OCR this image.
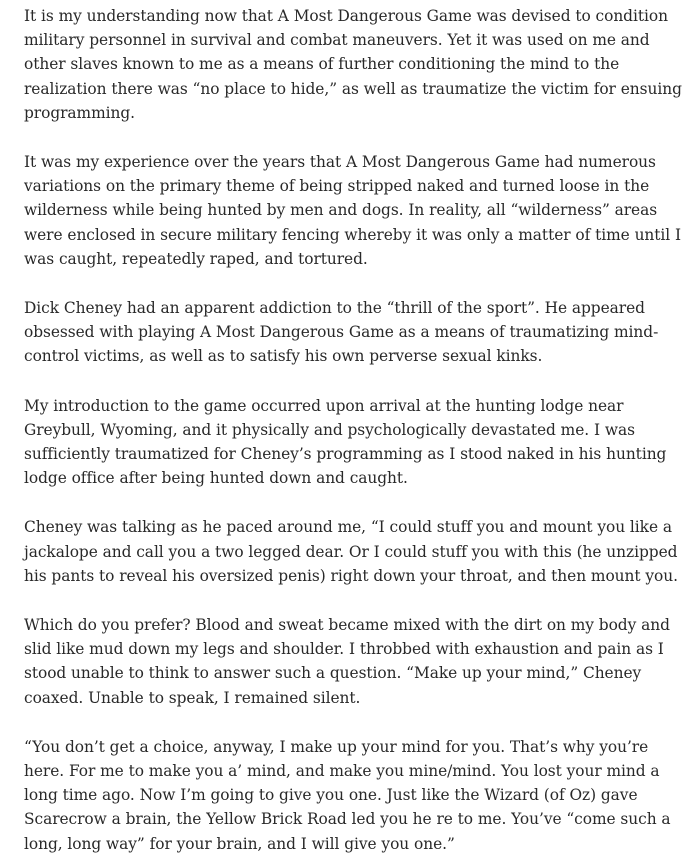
It is my understanding now that A Most Dangerous Game was devised to condition military personnel in survival and combat maneuvers. Yet it was used on me and other slaves known to me as a means of further conditioning the mind to the realization there was “no place to hide,” as well as traumatize the victim for ensuing programming.

It was my experience over the years that A Most Dangerous Game had numerous variations on the primary theme of being stripped naked and turned loose in the wilderness while being hunted by men and dogs. In reality, all “wilderness” areas were enclosed in secure military fencing whereby it was only a matter of time until I was caught, repeatedly raped, and tortured.

Dick Cheney had an apparent addiction to the “thrill of the sport”. He appeared obsessed with playing A Most Dangerous Game as a means of traumatizing mind-control victims, as well as to satisfy his own perverse sexual kinks.

My introduction to the game occurred upon arrival at the hunting lodge near Greybull, Wyoming, and it physically and psychologically devastated me. I was sufficiently traumatized for Cheney’s programming as I stood naked in his hunting lodge office after being hunted down and caught.

Cheney was talking as he paced around me, “I could stuff you and mount you like a jackalope and call you a two legged dear. Or I could stuff you with this (he unzipped his pants to reveal his oversized penis) right down your throat, and then mount you.

Which do you prefer? Blood and sweat became mixed with the dirt on my body and slid like mud down my legs and shoulder. I throbbed with exhaustion and pain as I stood unable to think to answer such a question. “Make up your mind,” Cheney coaxed. Unable to speak, I remained silent.

“You don’t get a choice, anyway, I make up your mind for you. That’s why you’re here. For me to make you a’ mind, and make you mine/mind. You lost your mind a long time ago. Now I’m going to give you one. Just like the Wizard (of Oz) gave Scarecrow a brain, the Yellow Brick Road led you he re to me. You’ve “come such a long, long way” for your brain, and I will give you one.”
